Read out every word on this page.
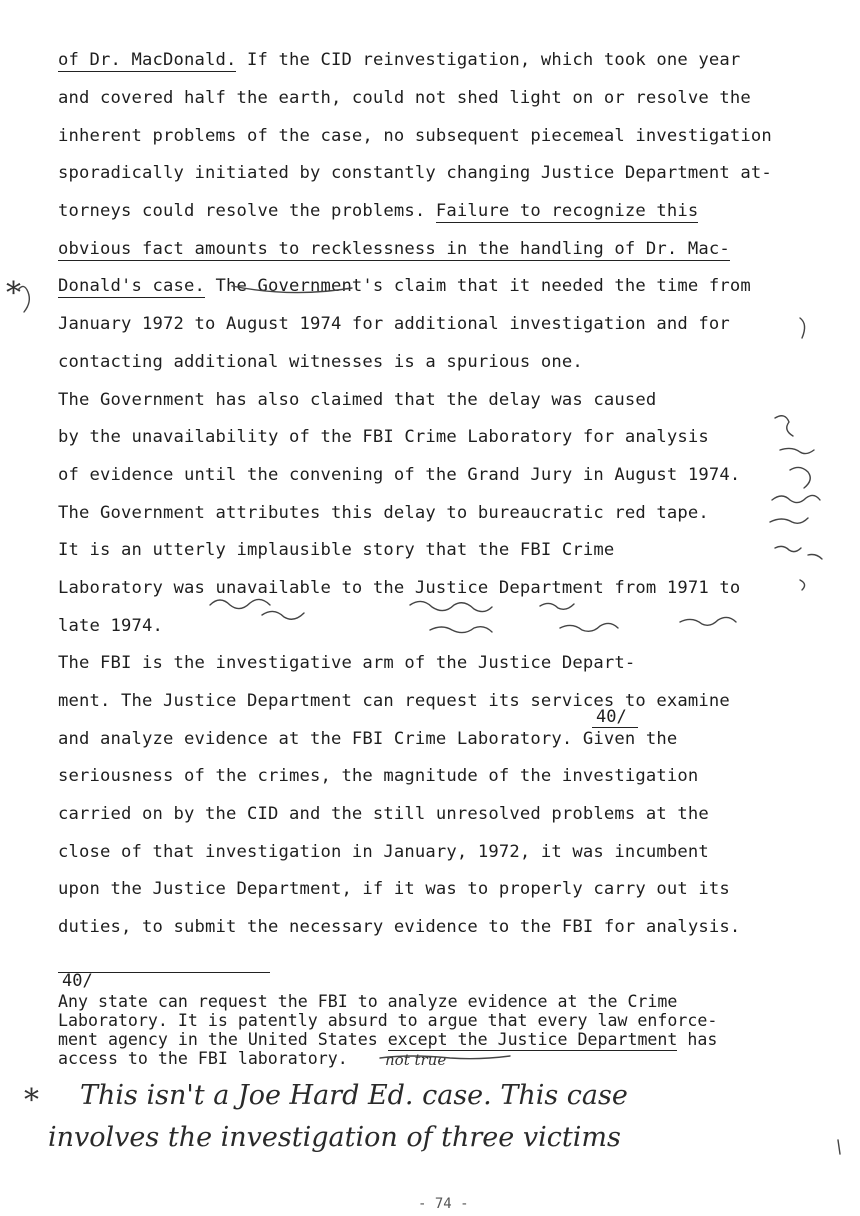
of Dr. MacDonald. If the CID reinvestigation, which took one year
and covered half the earth, could not shed light on or resolve the
inherent problems of the case, no subsequent piecemeal investigation
sporadically initiated by constantly changing Justice Department at-
torneys could resolve the problems. Failure to recognize this
obvious fact amounts to recklessness in the handling of Dr. Mac-
Donald's case. The Government's claim that it needed the time from
January 1972 to August 1974 for additional investigation and for
contacting additional witnesses is a spurious one.
The Government has also claimed that the delay was caused
by the unavailability of the FBI Crime Laboratory for analysis
of evidence until the convening of the Grand Jury in August 1974.
The Government attributes this delay to bureaucratic red tape.
It is an utterly implausible story that the FBI Crime
Laboratory was unavailable to the Justice Department from 1971 to
late 1974.
The FBI is the investigative arm of the Justice Depart-
ment. The Justice Department can request its services to examine
and analyze evidence at the FBI Crime Laboratory. Given the
seriousness of the crimes, the magnitude of the investigation
carried on by the CID and the still unresolved problems at the
close of that investigation in January, 1972, it was incumbent
upon the Justice Department, if it was to properly carry out its
duties, to submit the necessary evidence to the FBI for analysis.
40/
40/
Any state can request the FBI to analyze evidence at the Crime
Laboratory. It is patently absurd to argue that every law enforce-
ment agency in the United States except the Justice Department has
access to the FBI laboratory. not true
*
* This isn't a Joe Hard Ed. case. This case
involves the investigation of three victims
- 74 -
